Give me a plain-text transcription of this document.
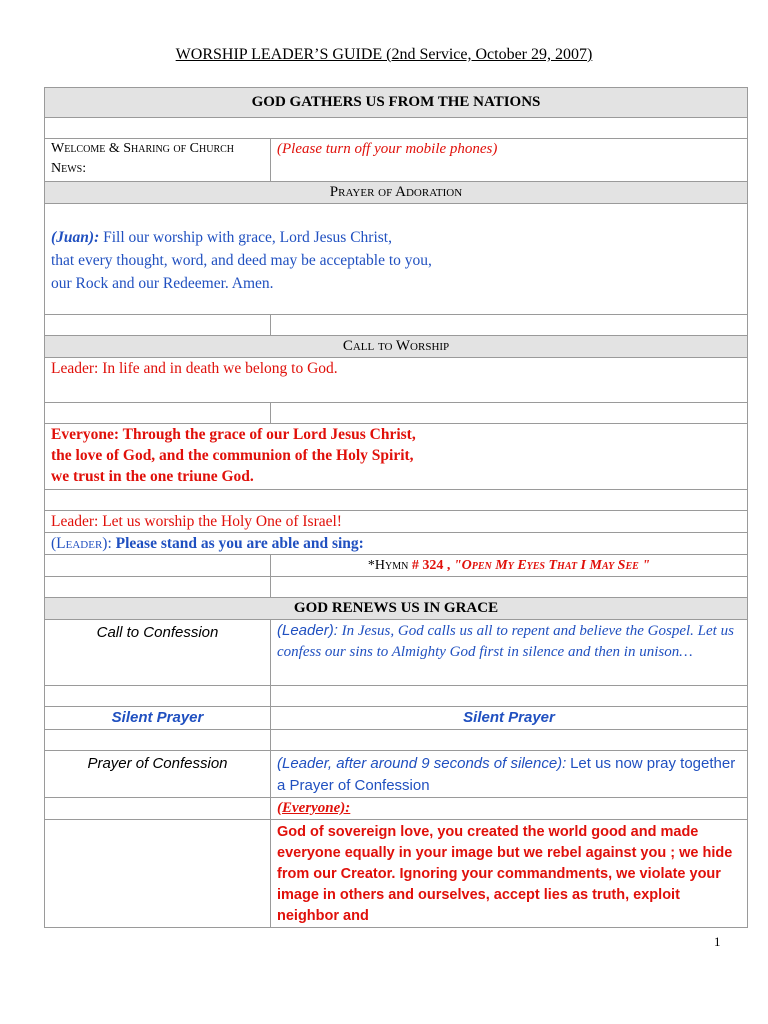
WORSHIP LEADER’S GUIDE (2nd Service, October 29, 2007)
GOD GATHERS US FROM THE NATIONS	

Welcome & Sharing of Church News:	(Please turn off your mobile phones)
Prayer of Adoration	
(Juan): Fill our worship with grace, Lord Jesus Christ,
that every thought, word, and deed may be acceptable to you,
our Rock and our Redeemer. Amen.	

Call to Worship	
Leader: In life and in death we belong to God.	

Everyone: Through the grace of our Lord Jesus Christ,
the love of God, and the communion of the Holy Spirit,
we trust in the one triune God.	

Leader: Let us worship the Holy One of Israel!	
(Leader): Please stand as you are able and sing:	
	*Hymn # 324 , "Open My Eyes That I May See "

GOD RENEWS US IN GRACE	
Call to Confession	(Leader): In Jesus, God calls us all to repent and believe the Gospel. Let us confess our sins to Almighty God first in silence and then in unison…

Silent Prayer	Silent Prayer

Prayer of Confession	(Leader, after around 9 seconds of silence): Let us now pray together a Prayer of Confession
	(Everyone):
	God of sovereign love, you created the world good and made everyone equally in your image but we rebel against you ; we hide from our Creator. Ignoring your commandments, we violate your image in others and ourselves, accept lies as truth, exploit neighbor and
1
